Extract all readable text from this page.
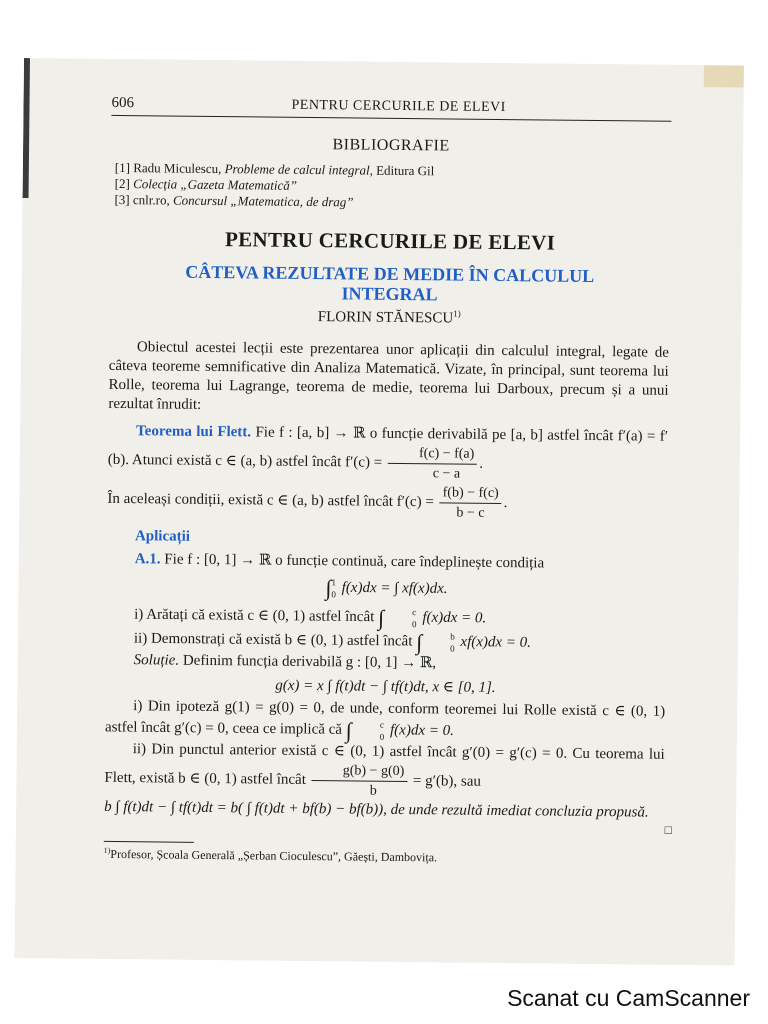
606	PENTRU CERCURILE DE ELEVI
BIBLIOGRAFIE
[1] Radu Miculescu, Probleme de calcul integral, Editura Gil
[2] Colecția „Gazeta Matematică”
[3] cnlr.ro, Concursul „Matematica, de drag”
PENTRU CERCURILE DE ELEVI
CÂTEVA REZULTATE DE MEDIE ÎN CALCULUL
INTEGRAL
FLORIN STĂNESCU$^{1)}$

Obiectul acestei lecții este prezentarea unor aplicații din calculul integral, legate de câteva teoreme semnificative din Analiza Matematică. Vizate, în principal, sunt teorema lui Rolle, teorema lui Lagrange, teorema de medie, teorema lui Darboux, precum și a unui rezultat înrudit:

Teorema lui Flett. Fie f : [a, b] → ℝ o funcție derivabilă pe [a, b] astfel încât f′(a) = f′(b). Atunci există c ∈ (a, b) astfel încât $f'(c) = \frac{f(c) - f(a)}{c - a}$ .

În aceleași condiții, există c ∈ (a, b) astfel încât $f'(c) = \frac{f(b) - f(c)}{b - c}$ .

Aplicații

A.1. Fie f : [0, 1] → ℝ o funcție continuă, care îndeplinește condiția

∫ 1
0 f(x)dx = ∫ xf(x)dx.

i) Arătați că există c ∈ (0, 1) astfel încât ∫	c
0 f(x)dx = 0.

ii) Demonstrați că există b ∈ (0, 1) astfel încât ∫	b
0 xf(x)dx = 0.

Soluție. Definim funcția derivabilă g : [0, 1] → ℝ,

g(x) = x ∫ f(t)dt − ∫ tf(t)dt, x ∈ [0, 1].

i) Din ipoteză g(1) = g(0) = 0, de unde, conform teoremei lui Rolle există c ∈ (0, 1) astfel încât g′(c) = 0, ceea ce implică că ∫	c
0 f(x)dx = 0.

ii) Din punctul anterior există c ∈ (0, 1) astfel încât g′(0) = g′(c) = 0. Cu teorema lui Flett, există b ∈ (0, 1) astfel încât $\frac{g(b) - g(0)}{b} = g'(b)$, sau

b ∫ f(t)dt − ∫ tf(t)dt = b( ∫ f(t)dt + bf(b) − bf(b)), de unde rezultă imediat concluzia propusă.

□
$^{1)}$Profesor, Școala Generală „Șerban Cioculescu”, Găești, Dambovița.
Scanat cu CamScanner
